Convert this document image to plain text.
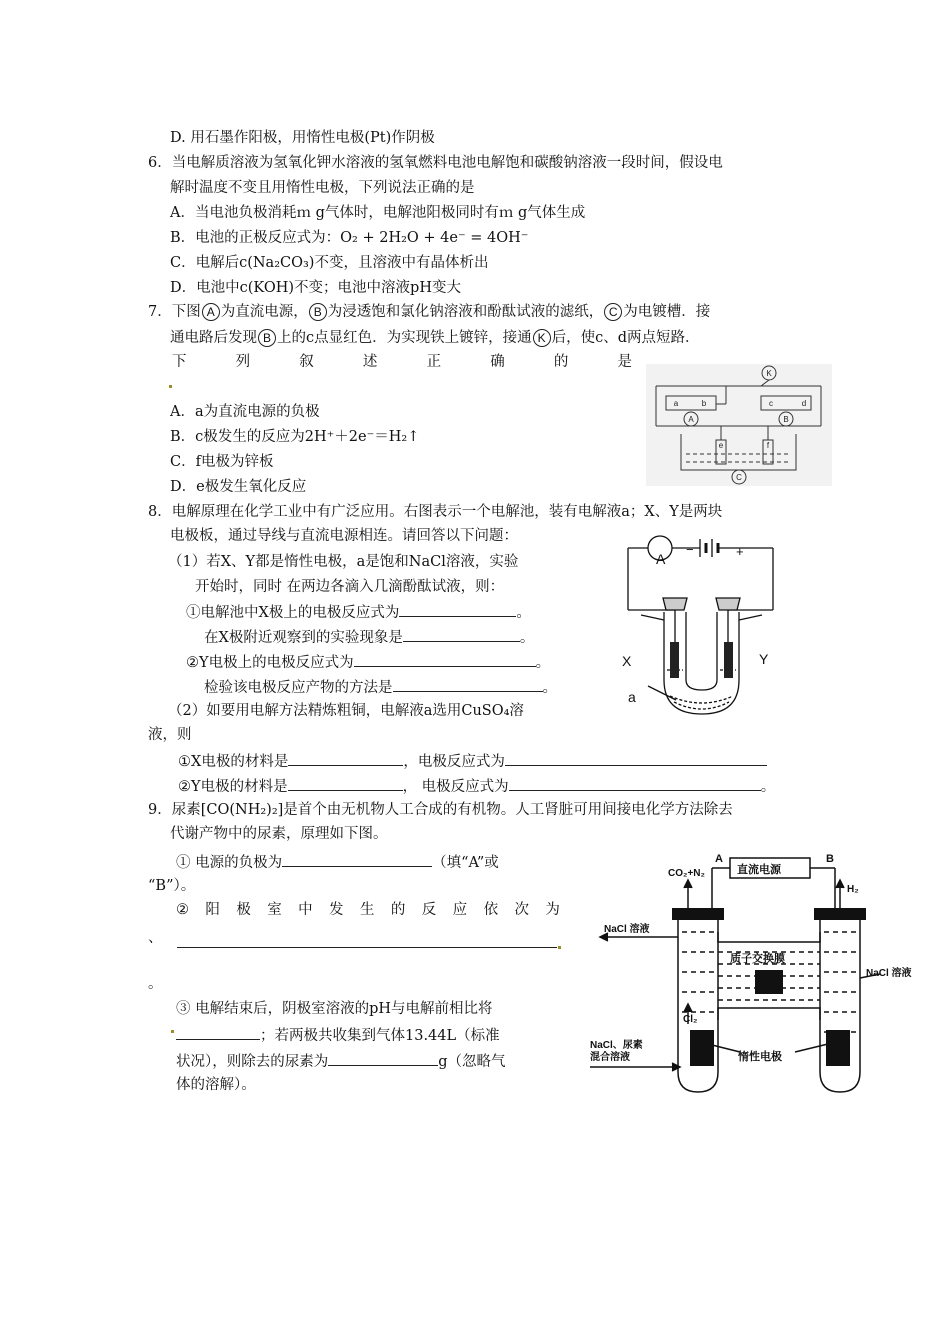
D. 用石墨作阳极，用惰性电极(Pt)作阴极
6．当电解质溶液为氢氧化钾水溶液的氢氧燃料电池电解饱和碳酸钠溶液一段时间，假设电
解时温度不变且用惰性电极，下列说法正确的是
A．当电池负极消耗ｍ g气体时，电解池阳极同时有ｍ g气体生成
B．电池的正极反应式为：O₂ + 2H₂O + 4e⁻ = 4OH⁻
C．电解后c(Na₂CO₃)不变，且溶液中有晶体析出
D．电池中c(KOH)不变；电池中溶液pH变大
7．下图 A 为直流电源， B 为浸透饱和氯化钠溶液和酚酞试液的滤纸， C 为电镀槽．接
通电路后发现 B 上的c点显红色．为实现铁上镀锌，接通 K 后，使c、d两点短路．
下	列	叙	述	正	确	的	是
A．a为直流电源的负极
B．c极发生的反应为2H⁺＋2e⁻＝H₂↑
C．f电极为锌板
D．e极发生氧化反应
K
a	b	c	d
A	B
e	f
C
8．电解原理在化学工业中有广泛应用。右图表示一个电解池，装有电解液a；X、Y是两块
电极板，通过导线与直流电源相连。请回答以下问题：
（1）若X、Y都是惰性电极，a是饱和NaCl溶液，实验
开始时，同时 在两边各滴入几滴酚酞试液，则：
①电解池中X极上的电极反应式为	。
在X极附近观察到的实验现象是	。
②Y电极上的电极反应式为	。
检验该电极反应产物的方法是	。
（2）如要用电解方法精炼粗铜，电解液a选用CuSO₄溶
液，则
①X电极的材料是	，电极反应式为
②Y电极的材料是	， 电极反应式为	。
A
−	+
X	Y
a
9．尿素[CO(NH₂)₂]是首个由无机物人工合成的有机物。人工肾脏可用间接电化学方法除去
代谢产物中的尿素，原理如下图。
① 电源的负极为	（填“A”或
“B”）。
② 阳 极 室 中 发 生 的 反 应 依 次 为
、
。
③ 电解结束后，阴极室溶液的pH与电解前相比将
；若两极共收集到气体13.44L（标准
状况），则除去的尿素为	g（忽略气
体的溶解）。
A	B
直流电源
CO₂+N₂
H₂
NaCl 溶液
NaCl 溶液
质子交换膜
Cl₂
NaCl、尿素
混合溶液	惰性电极
